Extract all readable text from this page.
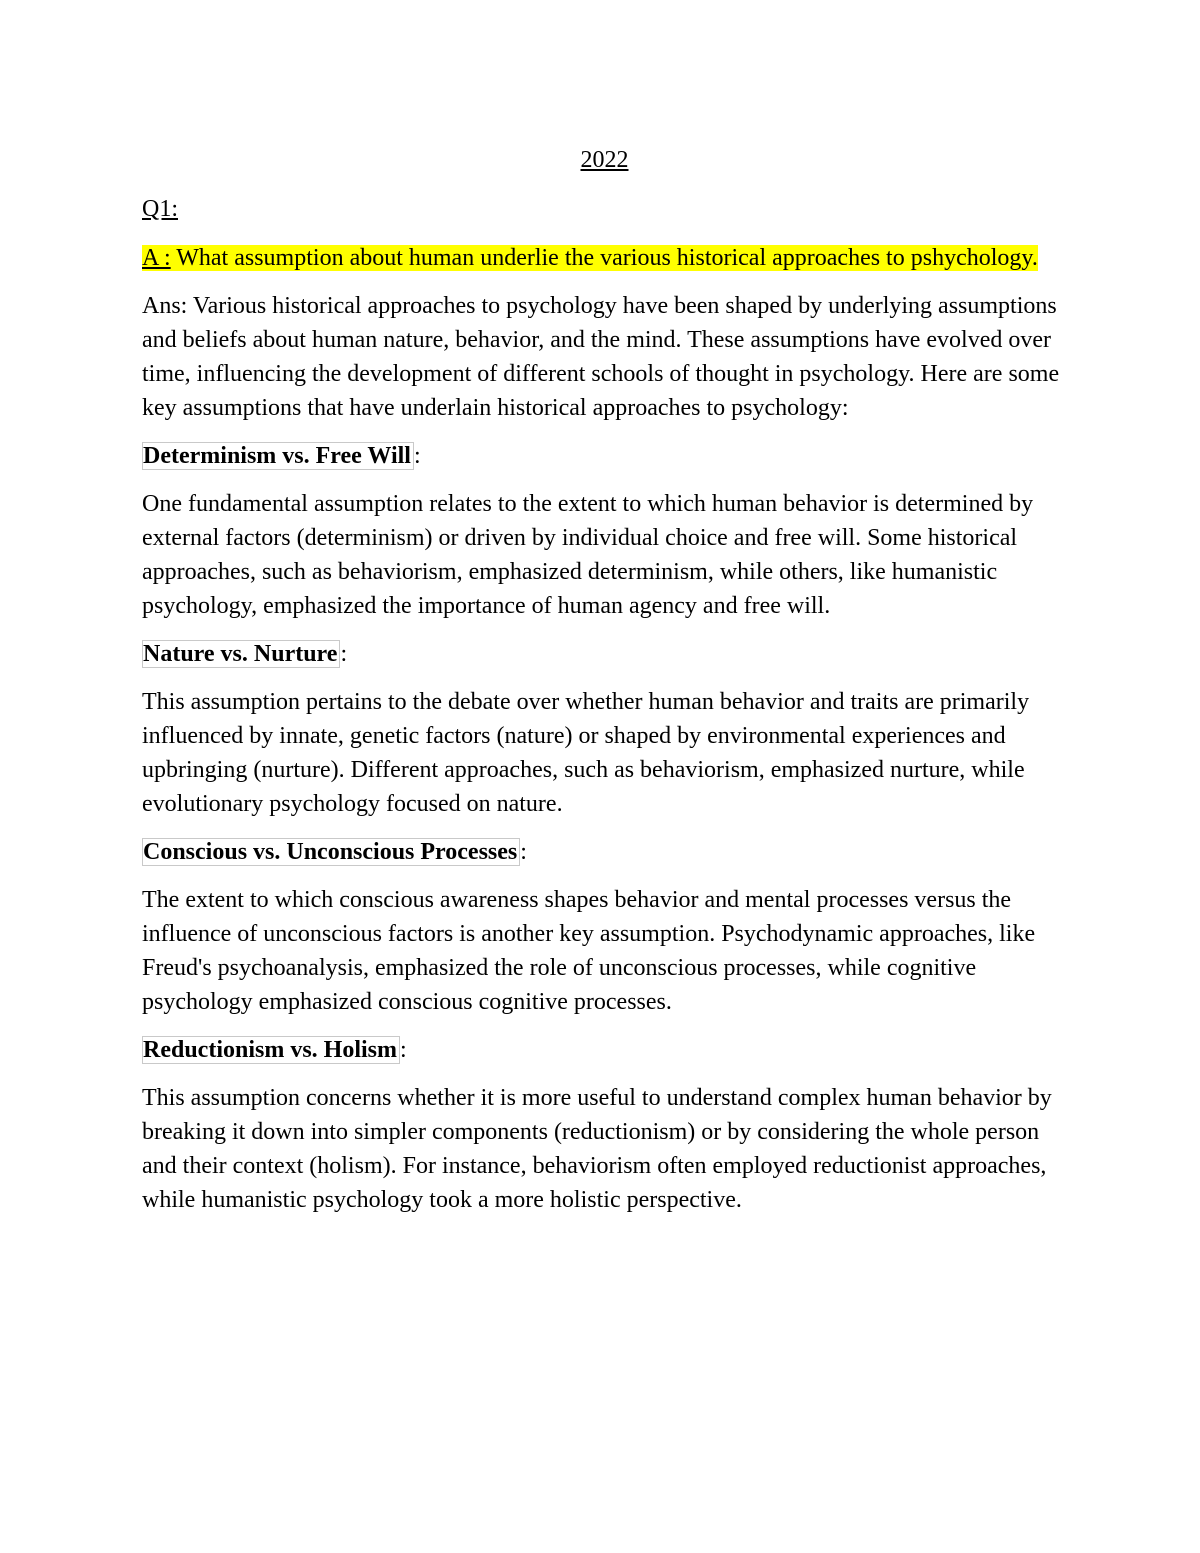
2022
Q1:
A : What assumption about human underlie the various historical approaches to pshychology.

Ans: Various historical approaches to psychology have been shaped by underlying assumptions and beliefs about human nature, behavior, and the mind. These assumptions have evolved over time, influencing the development of different schools of thought in psychology. Here are some key assumptions that have underlain historical approaches to psychology:

Determinism vs. Free Will :

One fundamental assumption relates to the extent to which human behavior is determined by external factors (determinism) or driven by individual choice and free will. Some historical approaches, such as behaviorism, emphasized determinism, while others, like humanistic psychology, emphasized the importance of human agency and free will.

Nature vs. Nurture :

This assumption pertains to the debate over whether human behavior and traits are primarily influenced by innate, genetic factors (nature) or shaped by environmental experiences and upbringing (nurture). Different approaches, such as behaviorism, emphasized nurture, while evolutionary psychology focused on nature.

Conscious vs. Unconscious Processes :

The extent to which conscious awareness shapes behavior and mental processes versus the influence of unconscious factors is another key assumption. Psychodynamic approaches, like Freud's psychoanalysis, emphasized the role of unconscious processes, while cognitive psychology emphasized conscious cognitive processes.

Reductionism vs. Holism :

This assumption concerns whether it is more useful to understand complex human behavior by breaking it down into simpler components (reductionism) or by considering the whole person and their context (holism). For instance, behaviorism often employed reductionist approaches, while humanistic psychology took a more holistic perspective.
